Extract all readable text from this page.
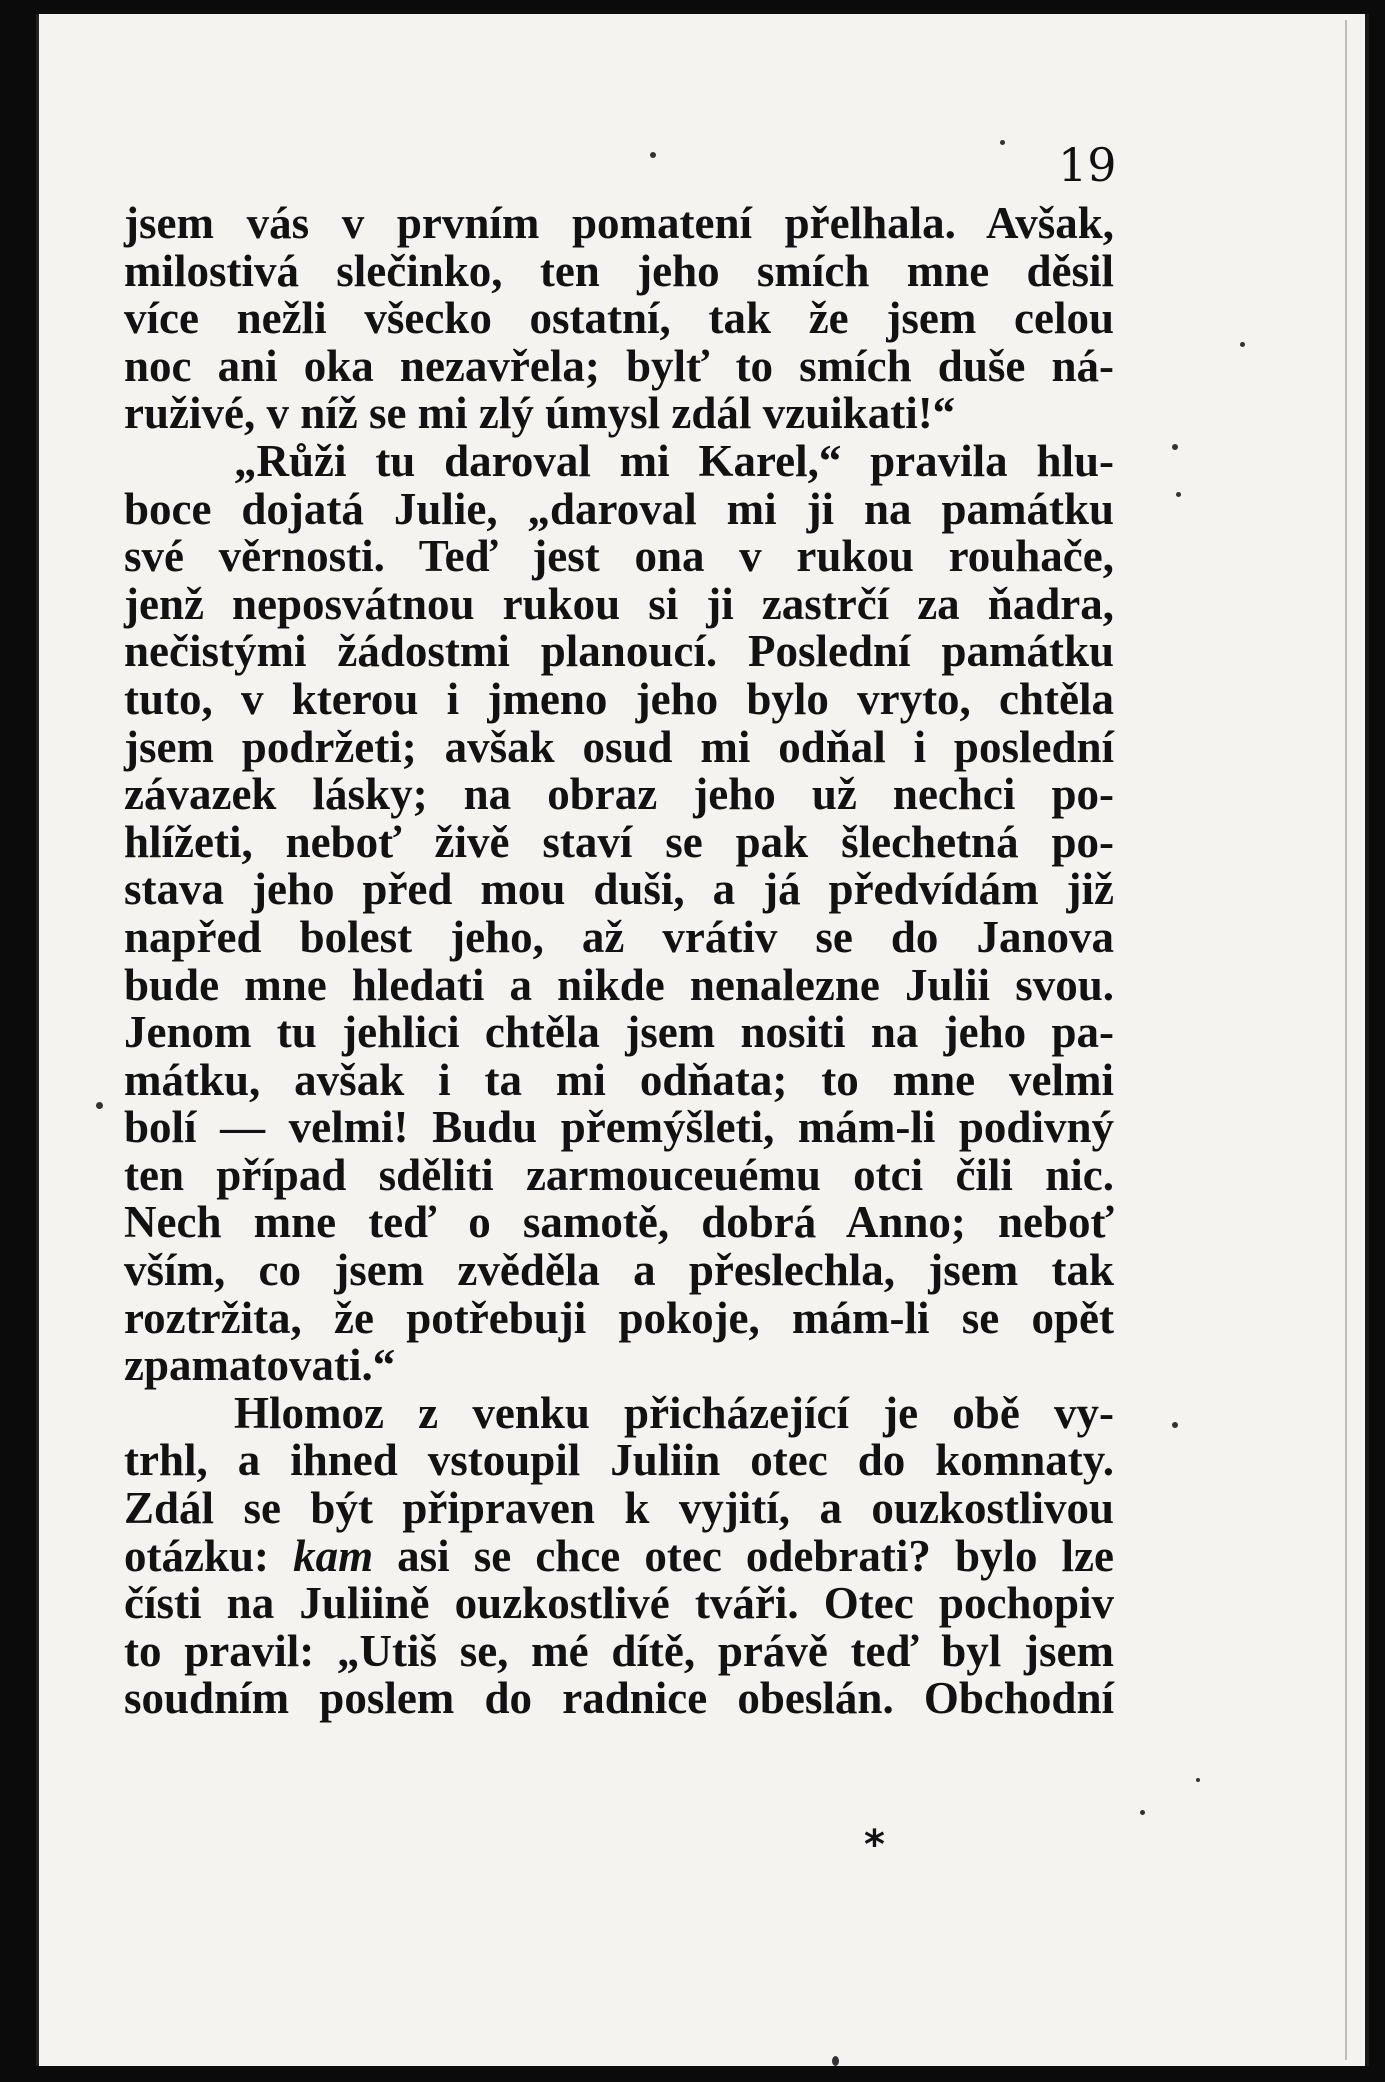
19
jsem vás v prvním pomatení přelhala. Avšak,
milostivá slečinko, ten jeho smích mne děsil
více nežli všecko ostatní, tak že jsem celou
noc ani oka nezavřela; bylť to smích duše ná-
ruživé, v níž se mi zlý úmysl zdál vzuikati!“
„Růži tu daroval mi Karel,“ pravila hlu-
boce dojatá Julie, „daroval mi ji na památku
své věrnosti. Teď jest ona v rukou rouhače,
jenž neposvátnou rukou si ji zastrčí za ňadra,
nečistými žádostmi planoucí. Poslední památku
tuto, v kterou i jmeno jeho bylo vryto, chtěla
jsem podržeti; avšak osud mi odňal i poslední
závazek lásky; na obraz jeho už nechci po-
hlížeti, neboť živě staví se pak šlechetná po-
stava jeho před mou duši, a já předvídám již
napřed bolest jeho, až vrátiv se do Janova
bude mne hledati a nikde nenalezne Julii svou.
Jenom tu jehlici chtěla jsem nositi na jeho pa-
mátku, avšak i ta mi odňata; to mne velmi
bolí — velmi! Budu přemýšleti, mám-li podivný
ten případ sděliti zarmouceuému otci čili nic.
Nech mne teď o samotě, dobrá Anno; neboť
vším, co jsem zvěděla a přeslechla, jsem tak
roztržita, že potřebuji pokoje, mám-li se opět
zpamatovati.“
Hlomoz z venku přicházející je obě vy-
trhl, a ihned vstoupil Juliin otec do komnaty.
Zdál se být připraven k vyjití, a ouzkostlivou
otázku: kam asi se chce otec odebrati? bylo lze
čísti na Juliině ouzkostlivé tváři. Otec pochopiv
to pravil: „Utiš se, mé dítě, právě teď byl jsem
soudním poslem do radnice obeslán. Obchodní
*
